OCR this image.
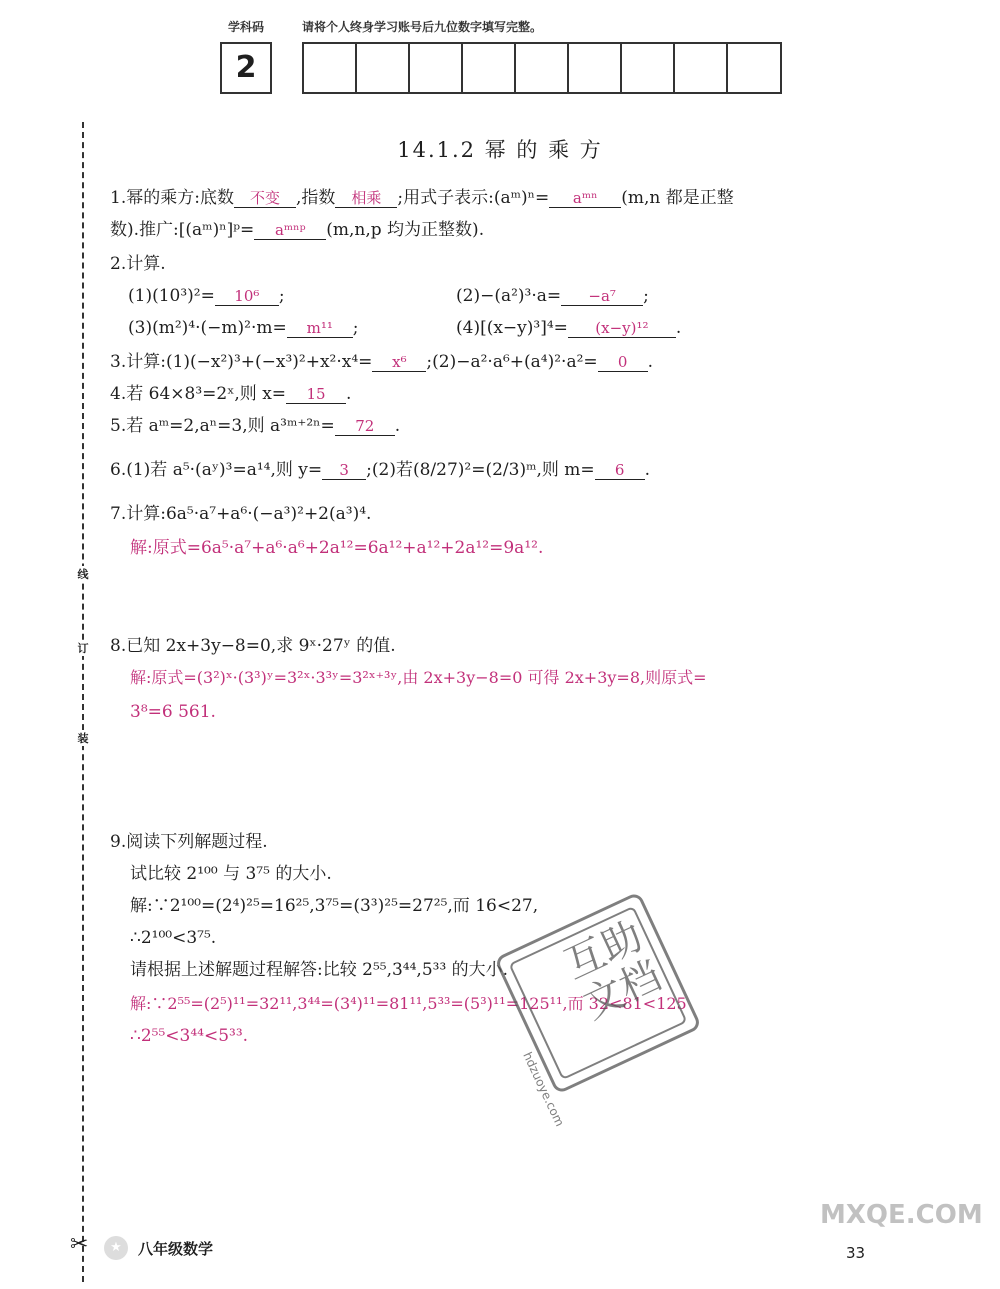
学科码	请将个人终身学习账号后九位数字填写完整。
2
线
订
装
14.1.2 幂 的 乘 方
1.幂的乘方:底数 不变 ,指数 相乘 ;用式子表示:(aᵐ)ⁿ= aᵐⁿ (m,n 都是正整
数).推广:[(aᵐ)ⁿ]ᵖ= aᵐⁿᵖ (m,n,p 均为正整数).
2.计算.
(1)(10³)²= 10⁶ ;	(2)−(a²)³·a= −a⁷ ;
(3)(m²)⁴·(−m)²·m= m¹¹ ;	(4)[(x−y)³]⁴= (x−y)¹² .
3.计算:(1)(−x²)³+(−x³)²+x²·x⁴= x⁶ ;(2)−a²·a⁶+(a⁴)²·a²= 0 .
4.若 64×8³=2ˣ,则 x= 15 .
5.若 aᵐ=2,aⁿ=3,则 a³ᵐ⁺²ⁿ= 72 .
6.(1)若 a⁵·(aʸ)³=a¹⁴,则 y= 3 ;(2)若(8/27)²=(2/3)ᵐ,则 m= 6 .
7.计算:6a⁵·a⁷+a⁶·(−a³)²+2(a³)⁴.
解:原式=6a⁵·a⁷+a⁶·a⁶+2a¹²=6a¹²+a¹²+2a¹²=9a¹².
8.已知 2x+3y−8=0,求 9ˣ·27ʸ 的值.
解:原式=(3²)ˣ·(3³)ʸ=3²ˣ·3³ʸ=3²ˣ⁺³ʸ,由 2x+3y−8=0 可得 2x+3y=8,则原式=
3⁸=6 561.
9.阅读下列解题过程.
试比较 2¹⁰⁰ 与 3⁷⁵ 的大小.
解:∵2¹⁰⁰=(2⁴)²⁵=16²⁵,3⁷⁵=(3³)²⁵=27²⁵,而 16<27,
∴2¹⁰⁰<3⁷⁵.
请根据上述解题过程解答:比较 2⁵⁵,3⁴⁴,5³³ 的大小.
解:∵2⁵⁵=(2⁵)¹¹=32¹¹,3⁴⁴=(3⁴)¹¹=81¹¹,5³³=(5³)¹¹=125¹¹,而 32<81<125
∴2⁵⁵<3⁴⁴<5³³.
互助文档
hdzuoye.com
✂	★	八年级数学	33
MXQE.COM
